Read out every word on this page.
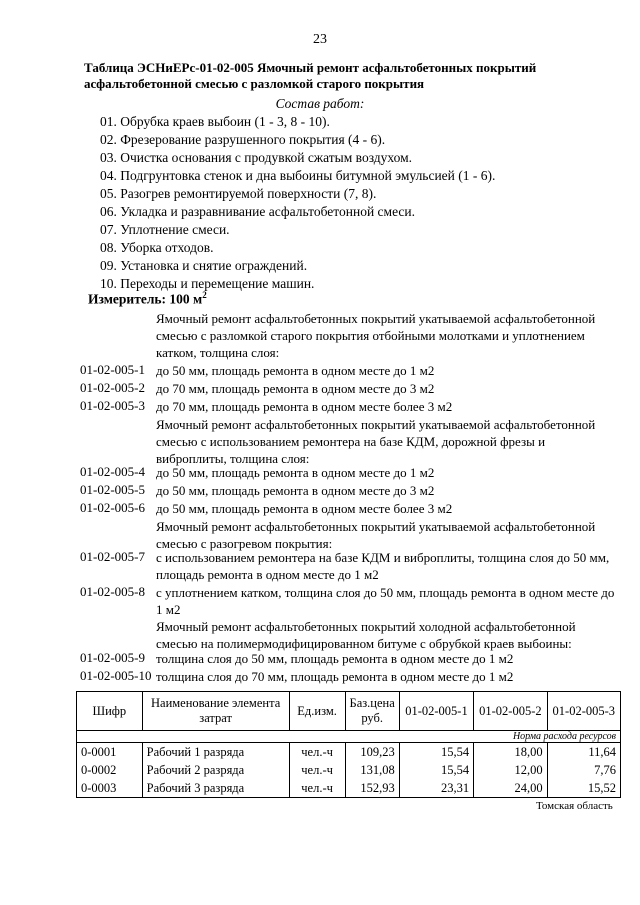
23
Таблица ЭСНиЕРс-01-02-005 Ямочный ремонт асфальтобетонных покрытий асфальтобетонной смесью с разломкой старого покрытия
Состав работ:
01. Обрубка краев выбоин (1 - 3, 8 - 10).
02. Фрезерование разрушенного покрытия (4 - 6).
03. Очистка основания с продувкой сжатым воздухом.
04. Подгрунтовка стенок и дна выбоины битумной эмульсией (1 - 6).
05. Разогрев ремонтируемой поверхности (7, 8).
06. Укладка и разравнивание асфальтобетонной смеси.
07. Уплотнение смеси.
08. Уборка отходов.
09. Установка и снятие ограждений.
10. Переходы и перемещение машин.
Измеритель: 100 $м^2$
Ямочный ремонт асфальтобетонных покрытий укатываемой асфальтобетонной смесью с разломкой старого покрытия отбойными молотками и уплотнением катком, толщина слоя:
01-02-005-1 до 50 мм, площадь ремонта в одном месте до 1 м2
01-02-005-2 до 70 мм, площадь ремонта в одном месте до 3 м2
01-02-005-3 до 70 мм, площадь ремонта в одном месте более 3 м2
Ямочный ремонт асфальтобетонных покрытий укатываемой асфальтобетонной смесью с использованием ремонтера на базе КДМ, дорожной фрезы и виброплиты, толщина слоя:
01-02-005-4 до 50 мм, площадь ремонта в одном месте до 1 м2
01-02-005-5 до 50 мм, площадь ремонта в одном месте до 3 м2
01-02-005-6 до 50 мм, площадь ремонта в одном месте более 3 м2
Ямочный ремонт асфальтобетонных покрытий укатываемой асфальтобетонной смесью с разогревом покрытия:
01-02-005-7 с использованием ремонтера на базе КДМ и виброплиты, толщина слоя до 50 мм, площадь ремонта в одном месте до 1 м2
01-02-005-8 с уплотнением катком, толщина слоя до 50 мм, площадь ремонта в одном месте до 1 м2
Ямочный ремонт асфальтобетонных покрытий холодной асфальтобетонной смесью на полимермодифицированном битуме с обрубкой краев выбоины:
01-02-005-9 толщина слоя до 50 мм, площадь ремонта в одном месте до 1 м2
01-02-005-10 толщина слоя до 70 мм, площадь ремонта в одном месте до 1 м2
Шифр	Наименование элемента затрат	Ед.изм.	Баз.цена руб.	01-02-005-1	01-02-005-2	01-02-005-3
				Норма расхода ресурсов		
0-0001	Рабочий 1 разряда	чел.-ч	109,23	15,54	18,00	11,64
0-0002	Рабочий 2 разряда	чел.-ч	131,08	15,54	12,00	7,76
0-0003	Рабочий 3 разряда	чел.-ч	152,93	23,31	24,00	15,52
Томская область
